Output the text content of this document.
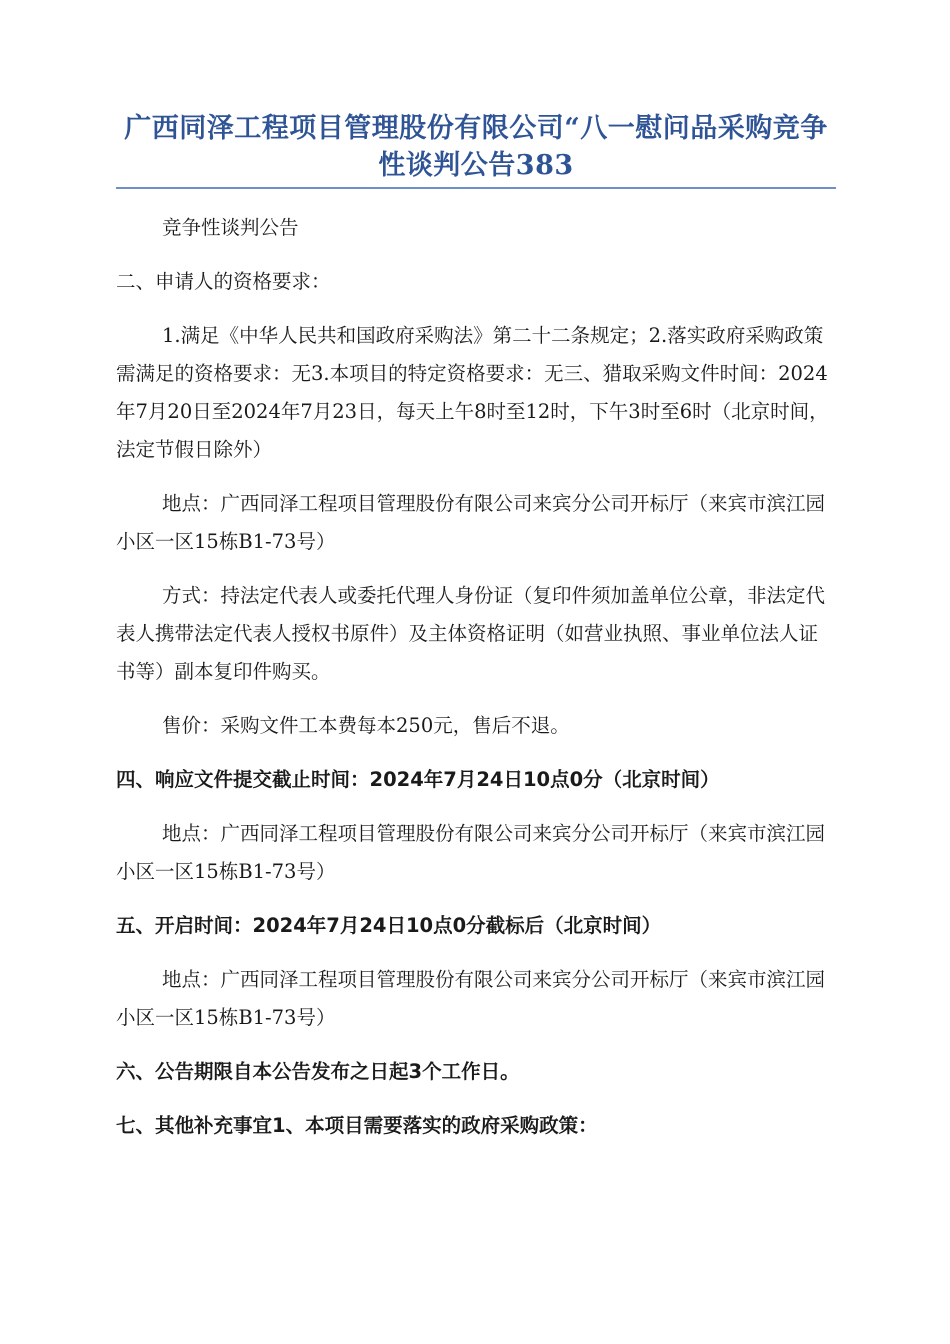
广西同泽工程项目管理股份有限公司“八一慰问品采购竞争性谈判公告383

竞争性谈判公告

二、申请人的资格要求：

1.满足《中华人民共和国政府采购法》第二十二条规定；2.落实政府采购政策需满足的资格要求：无3.本项目的特定资格要求：无三、猎取采购文件时间：2024年7月20日至2024年7月23日，每天上午8时至12时，下午3时至6时（北京时间，法定节假日除外）

地点：广西同泽工程项目管理股份有限公司来宾分公司开标厅（来宾市滨江园小区一区15栋B1-73号）

方式：持法定代表人或委托代理人身份证（复印件须加盖单位公章，非法定代表人携带法定代表人授权书原件）及主体资格证明（如营业执照、事业单位法人证书等）副本复印件购买。

售价：采购文件工本费每本250元，售后不退。

四、响应文件提交截止时间：2024年7月24日10点0分（北京时间）

地点：广西同泽工程项目管理股份有限公司来宾分公司开标厅（来宾市滨江园小区一区15栋B1-73号）

五、开启时间：2024年7月24日10点0分截标后（北京时间）

地点：广西同泽工程项目管理股份有限公司来宾分公司开标厅（来宾市滨江园小区一区15栋B1-73号）

六、公告期限自本公告发布之日起3个工作日。

七、其他补充事宜1、本项目需要落实的政府采购政策：
